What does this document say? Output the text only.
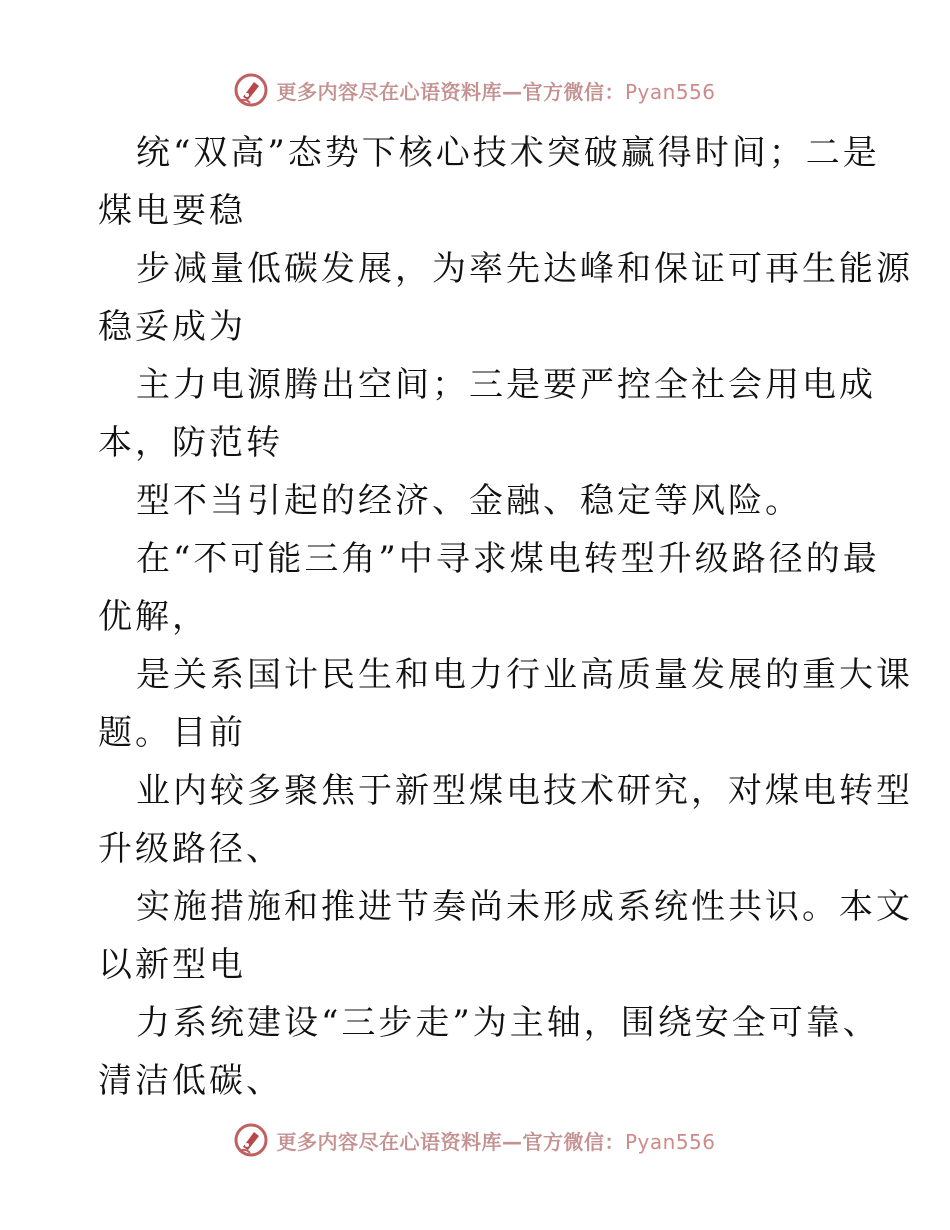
更多内容尽在心语资料库—官方微信：Pyan556
统“双高”态势下核心技术突破赢得时间；二是
煤电要稳
步减量低碳发展，为率先达峰和保证可再生能源
稳妥成为
主力电源腾出空间；三是要严控全社会用电成
本，防范转
型不当引起的经济、金融、稳定等风险。
在“不可能三角”中寻求煤电转型升级路径的最
优解，
是关系国计民生和电力行业高质量发展的重大课
题。目前
业内较多聚焦于新型煤电技术研究，对煤电转型
升级路径、
实施措施和推进节奏尚未形成系统性共识。本文
以新型电
力系统建设“三步走”为主轴，围绕安全可靠、
清洁低碳、
更多内容尽在心语资料库—官方微信：Pyan556
